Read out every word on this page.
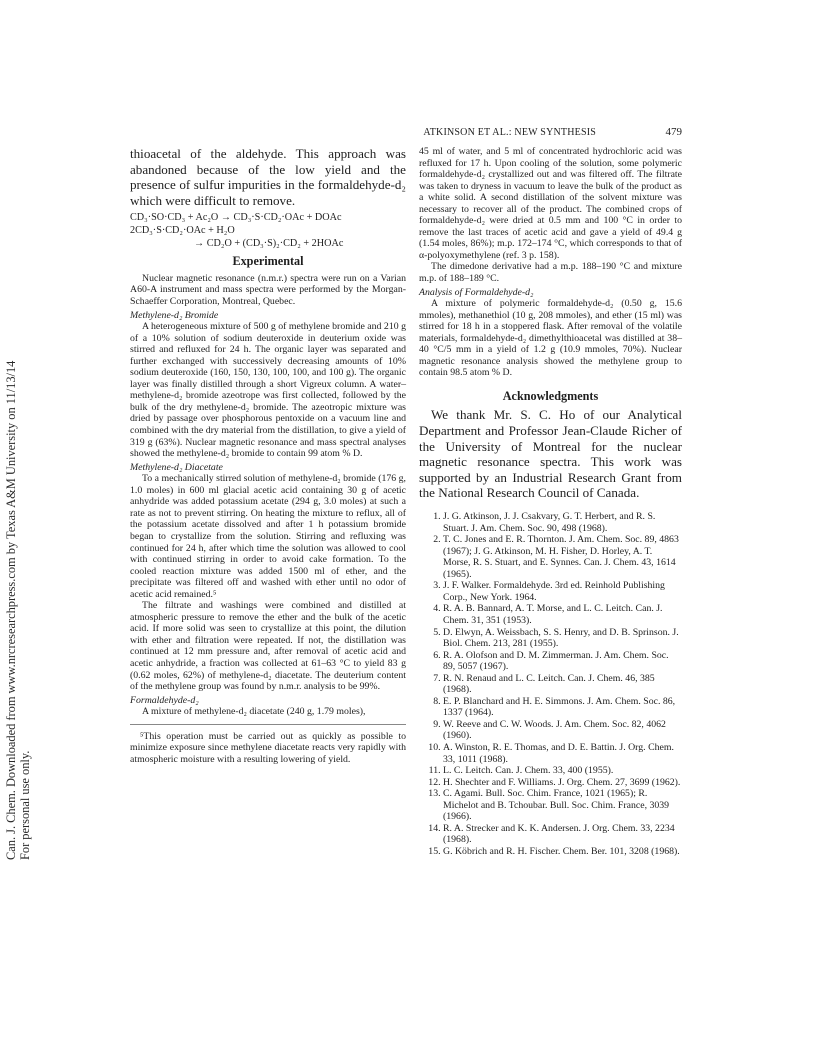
Can. J. Chem. Downloaded from www.nrcresearchpress.com by Texas A&M University on 11/13/14
For personal use only.
ATKINSON ET AL.: NEW SYNTHESIS	479

thioacetal of the aldehyde. This approach was abandoned because of the low yield and the presence of sulfur impurities in the formaldehyde-d₂ which were difficult to remove.

CD₃·SO·CD₃ + Ac₂O → CD₃·S·CD₂·OAc + DOAc
2CD₃·S·CD₂·OAc + H₂O
→ CD₂O + (CD₃·S)₂·CD₂ + 2HOAc
Experimental

Nuclear magnetic resonance (n.m.r.) spectra were run on a Varian A60-A instrument and mass spectra were performed by the Morgan-Schaeffer Corporation, Montreal, Quebec.

Methylene-d₂ Bromide

A heterogeneous mixture of 500 g of methylene bromide and 210 g of a 10% solution of sodium deuteroxide in deuterium oxide was stirred and refluxed for 24 h. The organic layer was separated and further exchanged with successively decreasing amounts of 10% sodium deuteroxide (160, 150, 130, 100, 100, and 100 g). The organic layer was finally distilled through a short Vigreux column. A water–methylene-d₂ bromide azeotrope was first collected, followed by the bulk of the dry methylene-d₂ bromide. The azeotropic mixture was dried by passage over phosphorous pentoxide on a vacuum line and combined with the dry material from the distillation, to give a yield of 319 g (63%). Nuclear magnetic resonance and mass spectral analyses showed the methylene-d₂ bromide to contain 99 atom % D.

Methylene-d₂ Diacetate

To a mechanically stirred solution of methylene-d₂ bromide (176 g, 1.0 moles) in 600 ml glacial acetic acid containing 30 g of acetic anhydride was added potassium acetate (294 g, 3.0 moles) at such a rate as not to prevent stirring. On heating the mixture to reflux, all of the potassium acetate dissolved and after 1 h potassium bromide began to crystallize from the solution. Stirring and refluxing was continued for 24 h, after which time the solution was allowed to cool with continued stirring in order to avoid cake formation. To the cooled reaction mixture was added 1500 ml of ether, and the precipitate was filtered off and washed with ether until no odor of acetic acid remained.⁵

The filtrate and washings were combined and distilled at atmospheric pressure to remove the ether and the bulk of the acetic acid. If more solid was seen to crystallize at this point, the dilution with ether and filtration were repeated. If not, the distillation was continued at 12 mm pressure and, after removal of acetic acid and acetic anhydride, a fraction was collected at 61–63 °C to yield 83 g (0.62 moles, 62%) of methylene-d₂ diacetate. The deuterium content of the methylene group was found by n.m.r. analysis to be 99%.

Formaldehyde-d₂

A mixture of methylene-d₂ diacetate (240 g, 1.79 moles),

⁵This operation must be carried out as quickly as possible to minimize exposure since methylene diacetate reacts very rapidly with atmospheric moisture with a resulting lowering of yield.

45 ml of water, and 5 ml of concentrated hydrochloric acid was refluxed for 17 h. Upon cooling of the solution, some polymeric formaldehyde-d₂ crystallized out and was filtered off. The filtrate was taken to dryness in vacuum to leave the bulk of the product as a white solid. A second distillation of the solvent mixture was necessary to recover all of the product. The combined crops of formaldehyde-d₂ were dried at 0.5 mm and 100 °C in order to remove the last traces of acetic acid and gave a yield of 49.4 g (1.54 moles, 86%); m.p. 172–174 °C, which corresponds to that of α-polyoxymethylene (ref. 3 p. 158).

The dimedone derivative had a m.p. 188–190 °C and mixture m.p. of 188–189 °C.

Analysis of Formaldehyde-d₂

A mixture of polymeric formaldehyde-d₂ (0.50 g, 15.6 mmoles), methanethiol (10 g, 208 mmoles), and ether (15 ml) was stirred for 18 h in a stoppered flask. After removal of the volatile materials, formaldehyde-d₂ dimethylthioacetal was distilled at 38–40 °C/5 mm in a yield of 1.2 g (10.9 mmoles, 70%). Nuclear magnetic resonance analysis showed the methylene group to contain 98.5 atom % D.

Acknowledgments

We thank Mr. S. C. Ho of our Analytical Department and Professor Jean-Claude Richer of the University of Montreal for the nuclear magnetic resonance spectra. This work was supported by an Industrial Research Grant from the National Research Council of Canada.

1. J. G. Atkinson, J. J. Csakvary, G. T. Herbert, and R. S. Stuart. J. Am. Chem. Soc. 90, 498 (1968).
2. T. C. Jones and E. R. Thornton. J. Am. Chem. Soc. 89, 4863 (1967); J. G. Atkinson, M. H. Fisher, D. Horley, A. T. Morse, R. S. Stuart, and E. Synnes. Can. J. Chem. 43, 1614 (1965).
3. J. F. Walker. Formaldehyde. 3rd ed. Reinhold Publishing Corp., New York. 1964.
4. R. A. B. Bannard, A. T. Morse, and L. C. Leitch. Can. J. Chem. 31, 351 (1953).
5. D. Elwyn, A. Weissbach, S. S. Henry, and D. B. Sprinson. J. Biol. Chem. 213, 281 (1955).
6. R. A. Olofson and D. M. Zimmerman. J. Am. Chem. Soc. 89, 5057 (1967).
7. R. N. Renaud and L. C. Leitch. Can. J. Chem. 46, 385 (1968).
8. E. P. Blanchard and H. E. Simmons. J. Am. Chem. Soc. 86, 1337 (1964).
9. W. Reeve and C. W. Woods. J. Am. Chem. Soc. 82, 4062 (1960).
10. A. Winston, R. E. Thomas, and D. E. Battin. J. Org. Chem. 33, 1011 (1968).
11. L. C. Leitch. Can. J. Chem. 33, 400 (1955).
12. H. Shechter and F. Williams. J. Org. Chem. 27, 3699 (1962).
13. C. Agami. Bull. Soc. Chim. France, 1021 (1965); R. Michelot and B. Tchoubar. Bull. Soc. Chim. France, 3039 (1966).
14. R. A. Strecker and K. K. Andersen. J. Org. Chem. 33, 2234 (1968).
15. G. Köbrich and R. H. Fischer. Chem. Ber. 101, 3208 (1968).
